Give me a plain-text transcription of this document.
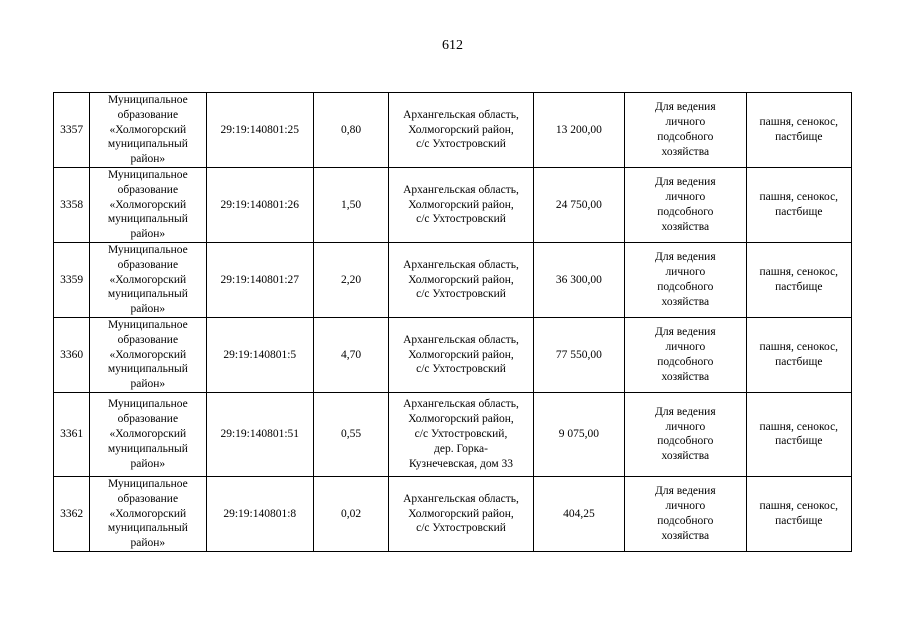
612
3357	Муниципальное
образование
«Холмогорский
муниципальный
район»	29:19:140801:25	0,80	Архангельская область,
Холмогорский район,
с/с Ухтостровский	13 200,00	Для ведения
личного
подсобного
хозяйства	пашня, сенокос,
пастбище
3358	Муниципальное
образование
«Холмогорский
муниципальный
район»	29:19:140801:26	1,50	Архангельская область,
Холмогорский район,
с/с Ухтостровский	24 750,00	Для ведения
личного
подсобного
хозяйства	пашня, сенокос,
пастбище
3359	Муниципальное
образование
«Холмогорский
муниципальный
район»	29:19:140801:27	2,20	Архангельская область,
Холмогорский район,
с/с Ухтостровский	36 300,00	Для ведения
личного
подсобного
хозяйства	пашня, сенокос,
пастбище
3360	Муниципальное
образование
«Холмогорский
муниципальный
район»	29:19:140801:5	4,70	Архангельская область,
Холмогорский район,
с/с Ухтостровский	77 550,00	Для ведения
личного
подсобного
хозяйства	пашня, сенокос,
пастбище
3361	Муниципальное
образование
«Холмогорский
муниципальный
район»	29:19:140801:51	0,55	Архангельская область,
Холмогорский район,
с/с Ухтостровский,
дер. Горка-
Кузнечевская, дом 33	9 075,00	Для ведения
личного
подсобного
хозяйства	пашня, сенокос,
пастбище
3362	Муниципальное
образование
«Холмогорский
муниципальный
район»	29:19:140801:8	0,02	Архангельская область,
Холмогорский район,
с/с Ухтостровский	404,25	Для ведения
личного
подсобного
хозяйства	пашня, сенокос,
пастбище
